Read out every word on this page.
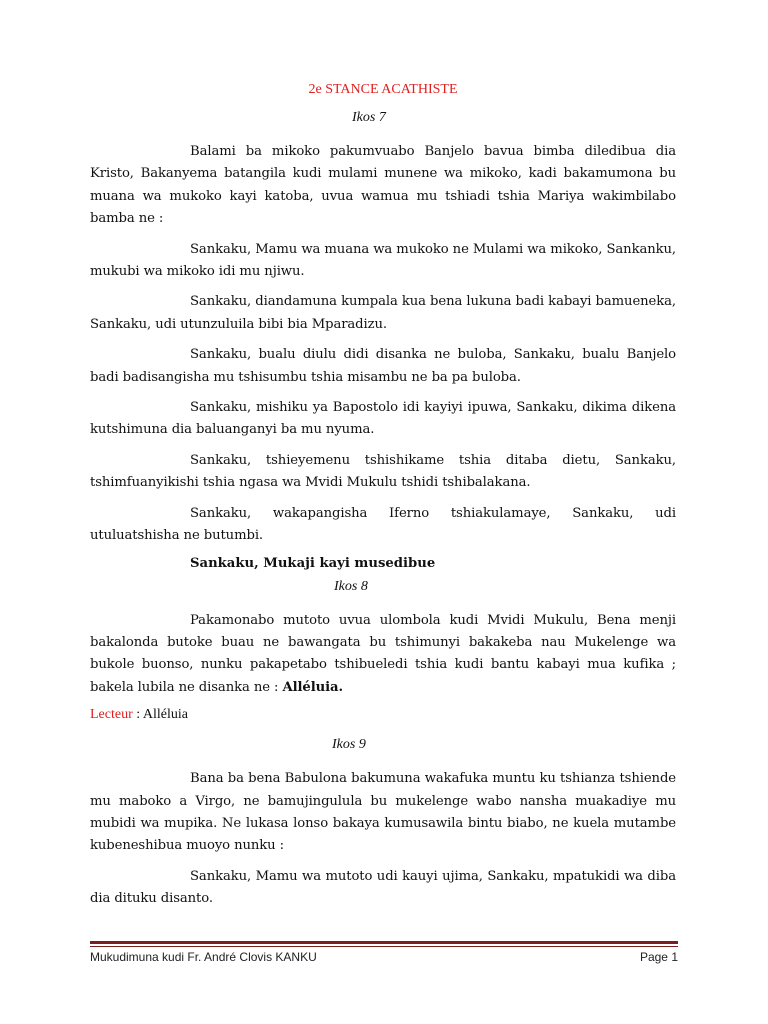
2e STANCE ACATHISTE
Ikos 7

Balami ba mikoko pakumvuabo Banjelo bavua bimba diledibua dia Kristo, Bakanyema batangila kudi mulami munene wa mikoko, kadi bakamumona bu muana wa mukoko kayi katoba, uvua wamua mu tshiadi tshia Mariya wakimbilabo bamba ne :

Sankaku, Mamu wa muana wa mukoko ne Mulami wa mikoko, Sankanku, mukubi wa mikoko idi mu njiwu.

Sankaku, diandamuna kumpala kua bena lukuna badi kabayi bamueneka, Sankaku, udi utunzuluila bibi bia Mparadizu.

Sankaku, bualu diulu didi disanka ne buloba, Sankaku, bualu Banjelo badi badisangisha mu tshisumbu tshia misambu ne ba pa buloba.

Sankaku, mishiku ya Bapostolo idi kayiyi ipuwa, Sankaku, dikima dikena kutshimuna dia baluanganyi ba mu nyuma.

Sankaku, tshieyemenu tshishikame tshia ditaba dietu, Sankaku, tshimfuanyikishi tshia ngasa wa Mvidi Mukulu tshidi tshibalakana.

Sankaku, wakapangisha Iferno tshiakulamaye, Sankaku, udi utuluatshisha ne butumbi.

Sankaku, Mukaji kayi musedibue
Ikos 8

Pakamonabo mutoto uvua ulombola kudi Mvidi Mukulu, Bena menji bakalonda butoke buau ne bawangata bu tshimunyi bakakeba nau Mukelenge wa bukole buonso, nunku pakapetabo tshibueledi tshia kudi bantu kabayi mua kufika ; bakela lubila ne disanka ne : Alléluia.

Lecteur : Alléluia
Ikos 9

Bana ba bena Babulona bakumuna wakafuka muntu ku tshianza tshiende mu maboko a Virgo, ne bamujingulula bu mukelenge wabo nansha muakadiye mu mubidi wa mupika. Ne lukasa lonso bakaya kumusawila bintu biabo, ne kuela mutambe kubeneshibua muoyo nunku :

Sankaku, Mamu wa mutoto udi kauyi ujima, Sankaku, mpatukidi wa diba dia dituku disanto.

Mukudimuna kudi Fr. André Clovis KANKU	Page 1
